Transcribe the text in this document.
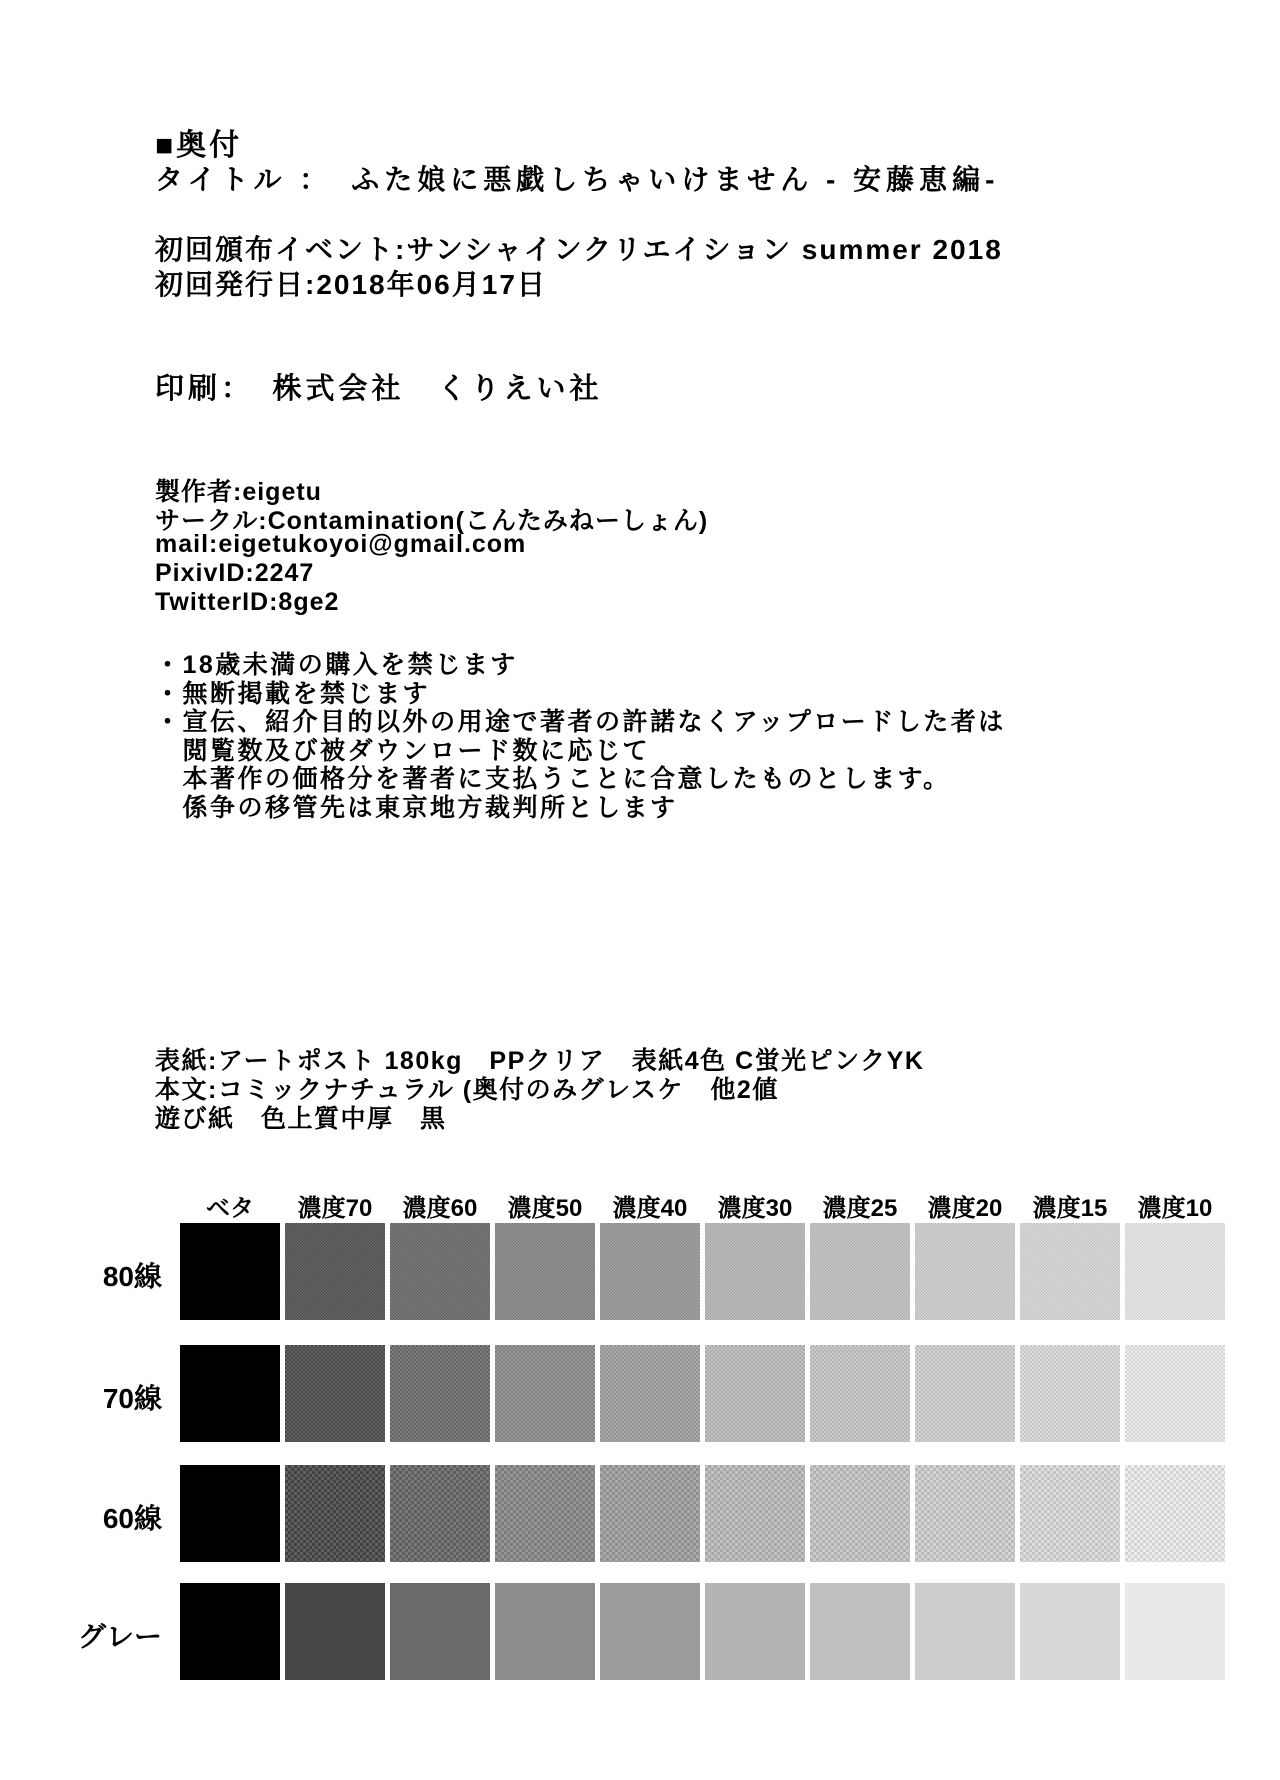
■奥付
タイトル ：　ふた娘に悪戯しちゃいけません - 安藤恵編-
初回頒布イベント:サンシャインクリエイション summer 2018
初回発行日:2018年06月17日
印刷：　株式会社　くりえい社
製作者:eigetu
サークル:Contamination(こんたみねーしょん)
mail:eigetukoyoi@gmail.com
PixivID:2247
TwitterID:8ge2
・18歳未満の購入を禁じます
・無断掲載を禁じます
・宣伝、紹介目的以外の用途で著者の許諾なくアップロードした者は
　閲覧数及び被ダウンロード数に応じて
　本著作の価格分を著者に支払うことに合意したものとします。
　係争の移管先は東京地方裁判所とします
表紙:アートポスト 180kg　PPクリア　表紙4色 C蛍光ピンクYK
本文:コミックナチュラル (奥付のみグレスケ　他2値
遊び紙　色上質中厚　黒
ベタ	濃度70	濃度60	濃度50	濃度40	濃度30	濃度25	濃度20	濃度15	濃度10
80線
70線
60線
グレー
